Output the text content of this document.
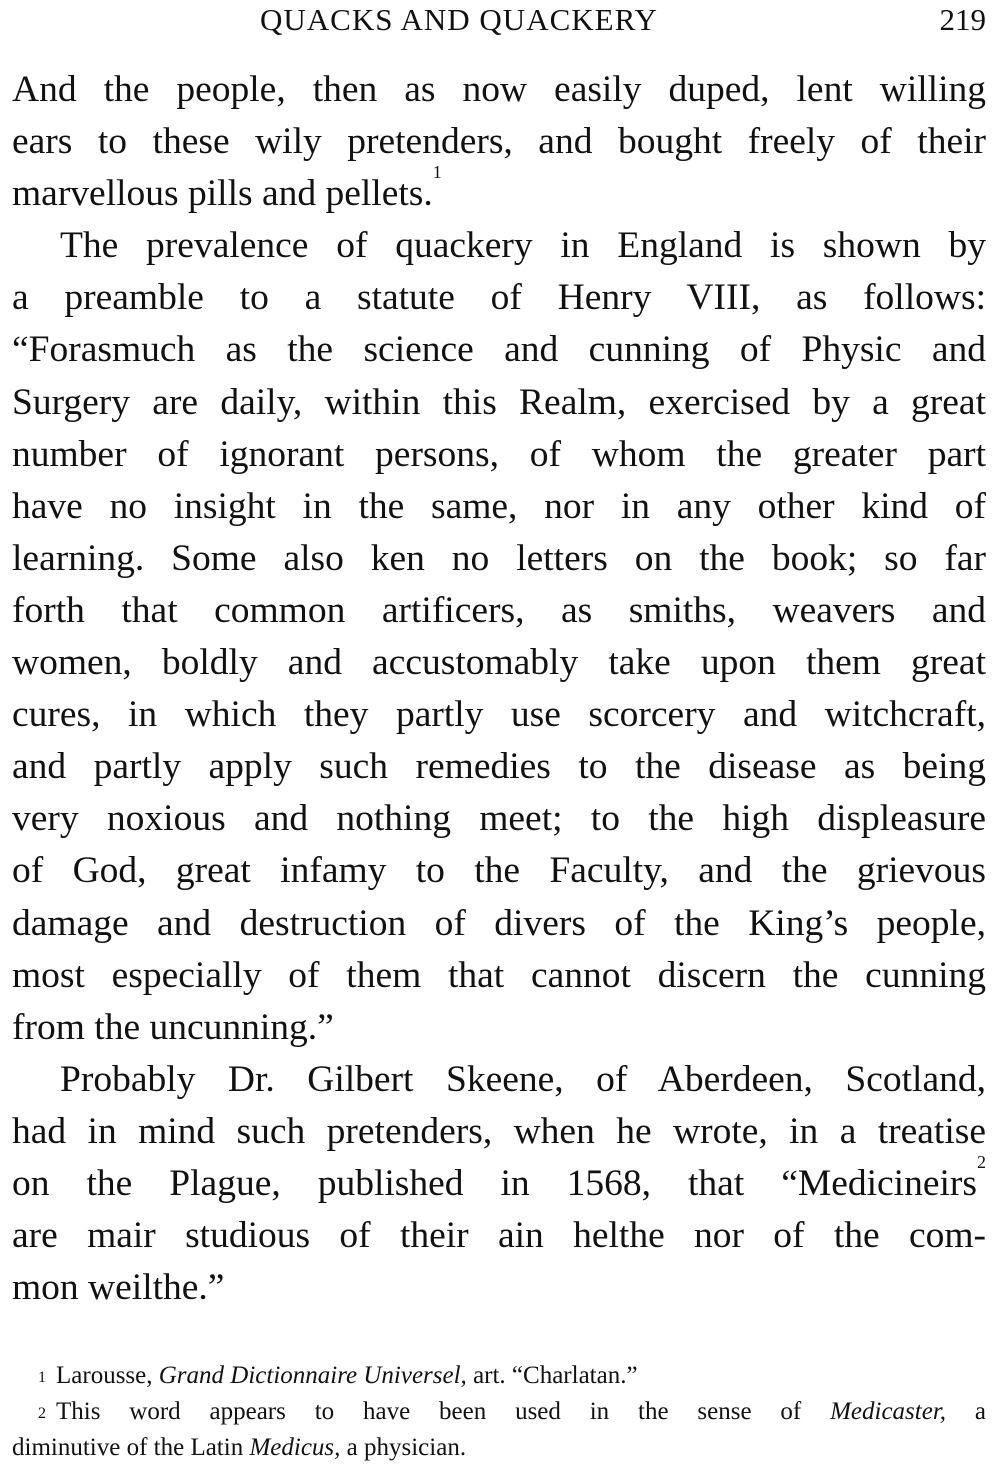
QUACKS AND QUACKERY	219

And the people, then as now easily duped, lent willing
ears to these wily pretenders, and bought freely of their
marvellous pills and pellets.$^1$

The prevalence of quackery in England is shown by
a preamble to a statute of Henry VIII, as follows:
“Forasmuch as the science and cunning of Physic and
Surgery are daily, within this Realm, exercised by a great
number of ignorant persons, of whom the greater part
have no insight in the same, nor in any other kind of
learning. Some also ken no letters on the book; so far
forth that common artificers, as smiths, weavers and
women, boldly and accustomably take upon them great
cures, in which they partly use scorcery and witchcraft,
and partly apply such remedies to the disease as being
very noxious and nothing meet; to the high displeasure
of God, great infamy to the Faculty, and the grievous
damage and destruction of divers of the King’s people,
most especially of them that cannot discern the cunning
from the uncunning.”

Probably Dr. Gilbert Skeene, of Aberdeen, Scotland,
had in mind such pretenders, when he wrote, in a treatise
on the Plague, published in 1568, that “Medicineirs$^2$
are mair studious of their ain helthe nor of the com-
mon weilthe.”

$^1$ Larousse, Grand Dictionnaire Universel, art. “Charlatan.”

$^2$ This word appears to have been used in the sense of Medicaster, a
diminutive of the Latin Medicus, a physician.
